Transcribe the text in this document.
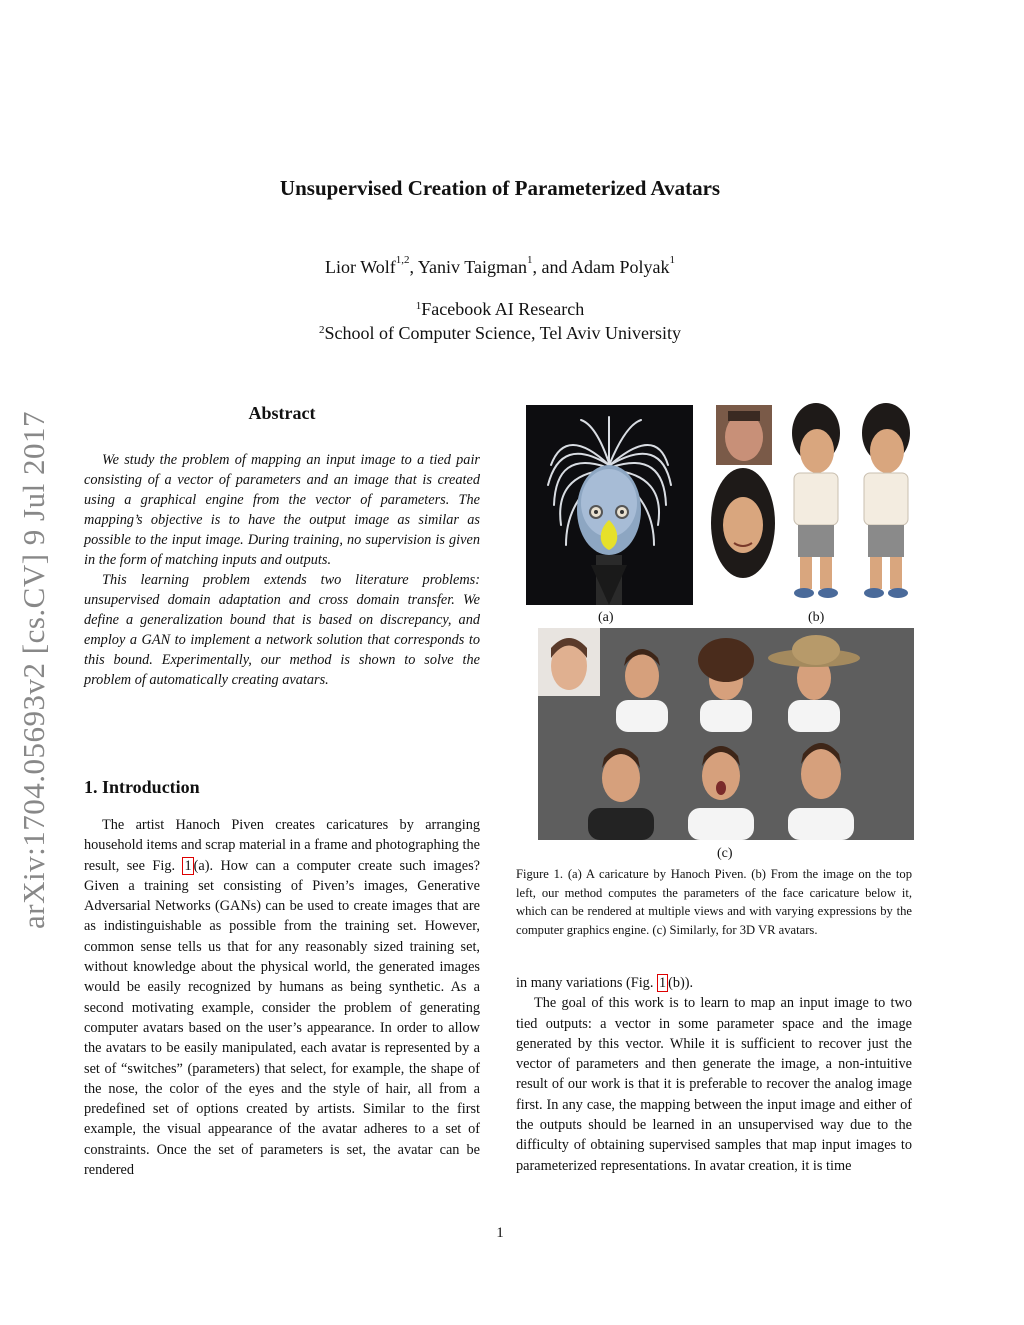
Unsupervised Creation of Parameterized Avatars
Lior Wolf$^{1,2}$, Yaniv Taigman$^1$, and Adam Polyak$^1$
$^1$Facebook AI Research
$^2$School of Computer Science, Tel Aviv University
arXiv:1704.05693v2 [cs.CV] 9 Jul 2017	Abstract

We study the problem of mapping an input image to a tied pair consisting of a vector of parameters and an image that is created using a graphical engine from the vector of parameters. The mapping’s objective is to have the output image as similar as possible to the input image. During training, no supervision is given in the form of matching inputs and outputs.

This learning problem extends two literature problems: unsupervised domain adaptation and cross domain transfer. We define a generalization bound that is based on discrepancy, and employ a GAN to implement a network solution that corresponds to this bound. Experimentally, our method is shown to solve the problem of automatically creating avatars.

1. Introduction

The artist Hanoch Piven creates caricatures by arranging household items and scrap material in a frame and photographing the result, see Fig. 1 (a). How can a computer create such images? Given a training set consisting of Piven’s images, Generative Adversarial Networks (GANs) can be used to create images that are as indistinguishable as possible from the training set. However, common sense tells us that for any reasonably sized training set, without knowledge about the physical world, the generated images would be easily recognized by humans as being synthetic. As a second motivating example, consider the problem of generating computer avatars based on the user’s appearance. In order to allow the avatars to be easily manipulated, each avatar is represented by a set of “switches” (parameters) that select, for example, the shape of the nose, the color of the eyes and the style of hair, all from a predefined set of options created by artists. Similar to the first example, the visual appearance of the avatar adheres to a set of constraints. Once the set of parameters is set, the avatar can be rendered

(a)	(b)
(c)
Figure 1. (a) A caricature by Hanoch Piven. (b) From the image on the top left, our method computes the parameters of the face caricature below it, which can be rendered at multiple views and with varying expressions by the computer graphics engine. (c) Similarly, for 3D VR avatars.

in many variations (Fig. 1 (b)).

The goal of this work is to learn to map an input image to two tied outputs: a vector in some parameter space and the image generated by this vector. While it is sufficient to recover just the vector of parameters and then generate the image, a non-intuitive result of our work is that it is preferable to recover the analog image first. In any case, the mapping between the input image and either of the outputs should be learned in an unsupervised way due to the difficulty of obtaining supervised samples that map input images to parameterized representations. In avatar creation, it is time

1
